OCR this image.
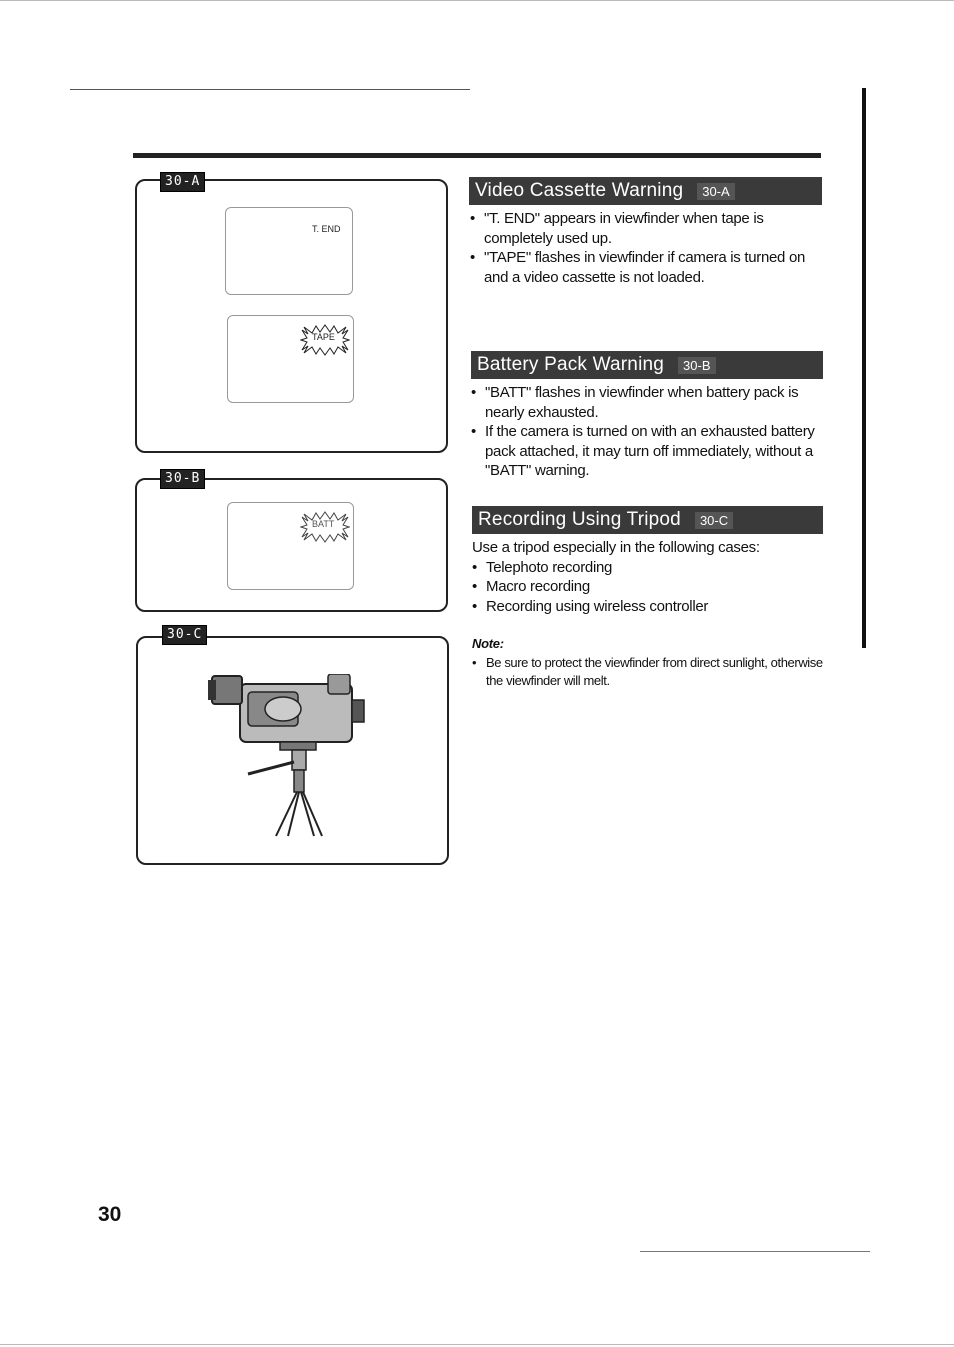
T. END
TAPE
30-A
BATT
30-B
30-C
Video Cassette Warning	30-A
• "T. END" appears in viewfinder when tape is completely used up.
• "TAPE" flashes in viewfinder if camera is turned on and a video cassette is not loaded.
Battery Pack Warning	30-B
• "BATT" flashes in viewfinder when battery pack is nearly exhausted.
• If the camera is turned on with an exhausted battery pack attached, it may turn off immediately, without a "BATT" warning.
Recording Using Tripod	30-C
Use a tripod especially in the following cases:
• Telephoto recording
• Macro recording
• Recording using wireless controller
Note:
• Be sure to protect the viewfinder from direct sunlight, otherwise the viewfinder will melt.
30
